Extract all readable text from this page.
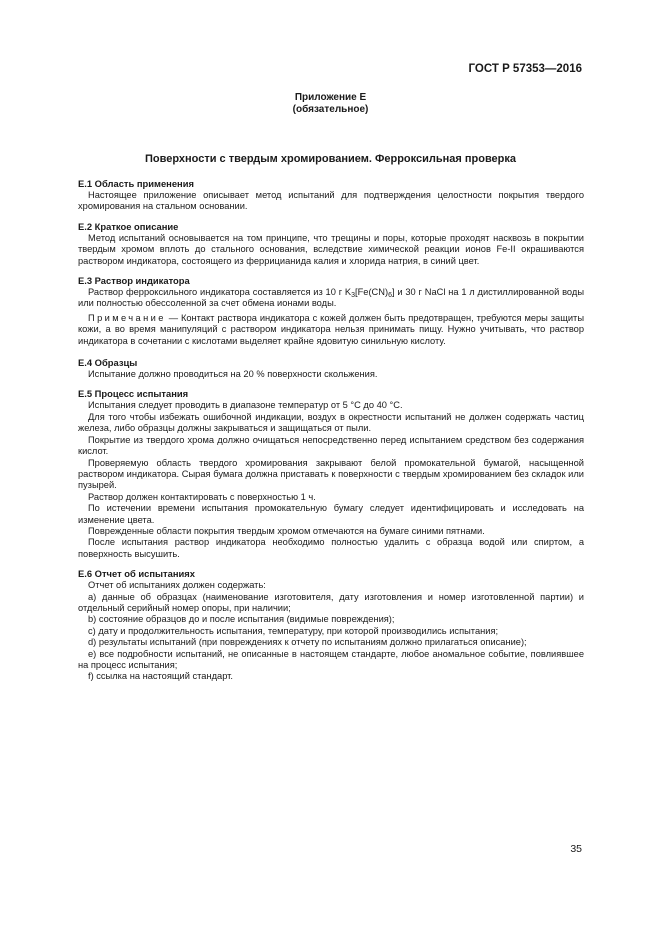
ГОСТ Р 57353—2016
Приложение Е
(обязательное)
Поверхности с твердым хромированием. Ферроксильная проверка
Е.1 Область применения

Настоящее приложение описывает метод испытаний для подтверждения целостности покрытия твердого хромирования на стальном основании.

Е.2 Краткое описание

Метод испытаний основывается на том принципе, что трещины и поры, которые проходят насквозь в покрытии твердым хромом вплоть до стального основания, вследствие химической реакции ионов Fe-II окрашиваются раствором индикатора, состоящего из феррицианида калия и хлорида натрия, в синий цвет.

Е.3 Раствор индикатора

Раствор ферроксильного индикатора составляется из 10 г $K_3[Fe(CN)_6]$ и 30 г NaCl на 1 л дистиллированной воды или полностью обессоленной за счет обмена ионами воды.

Примечание — Контакт раствора индикатора с кожей должен быть предотвращен, требуются меры защиты кожи, а во время манипуляций с раствором индикатора нельзя принимать пищу. Нужно учитывать, что раствор индикатора в сочетании с кислотами выделяет крайне ядовитую синильную кислоту.

Е.4 Образцы

Испытание должно проводиться на 20 % поверхности скольжения.

Е.5 Процесс испытания

Испытания следует проводить в диапазоне температур от 5 °С до 40 °С.

Для того чтобы избежать ошибочной индикации, воздух в окрестности испытаний не должен содержать частиц железа, либо образцы должны закрываться и защищаться от пыли.

Покрытие из твердого хрома должно очищаться непосредственно перед испытанием средством без содержания кислот.

Проверяемую область твердого хромирования закрывают белой промокательной бумагой, насыщенной раствором индикатора. Сырая бумага должна приставать к поверхности с твердым хромированием без складок или пузырей.

Раствор должен контактировать с поверхностью 1 ч.

По истечении времени испытания промокательную бумагу следует идентифицировать и исследовать на изменение цвета.

Поврежденные области покрытия твердым хромом отмечаются на бумаге синими пятнами.

После испытания раствор индикатора необходимо полностью удалить с образца водой или спиртом, а поверхность высушить.

Е.6 Отчет об испытаниях

Отчет об испытаниях должен содержать:

a) данные об образцах (наименование изготовителя, дату изготовления и номер изготовленной партии) и отдельный серийный номер опоры, при наличии;

b) состояние образцов до и после испытания (видимые повреждения);

c) дату и продолжительность испытания, температуру, при которой производились испытания;

d) результаты испытаний (при повреждениях к отчету по испытаниям должно прилагаться описание);

e) все подробности испытаний, не описанные в настоящем стандарте, любое аномальное событие, повлиявшее на процесс испытания;

f) ссылка на настоящий стандарт.

35
